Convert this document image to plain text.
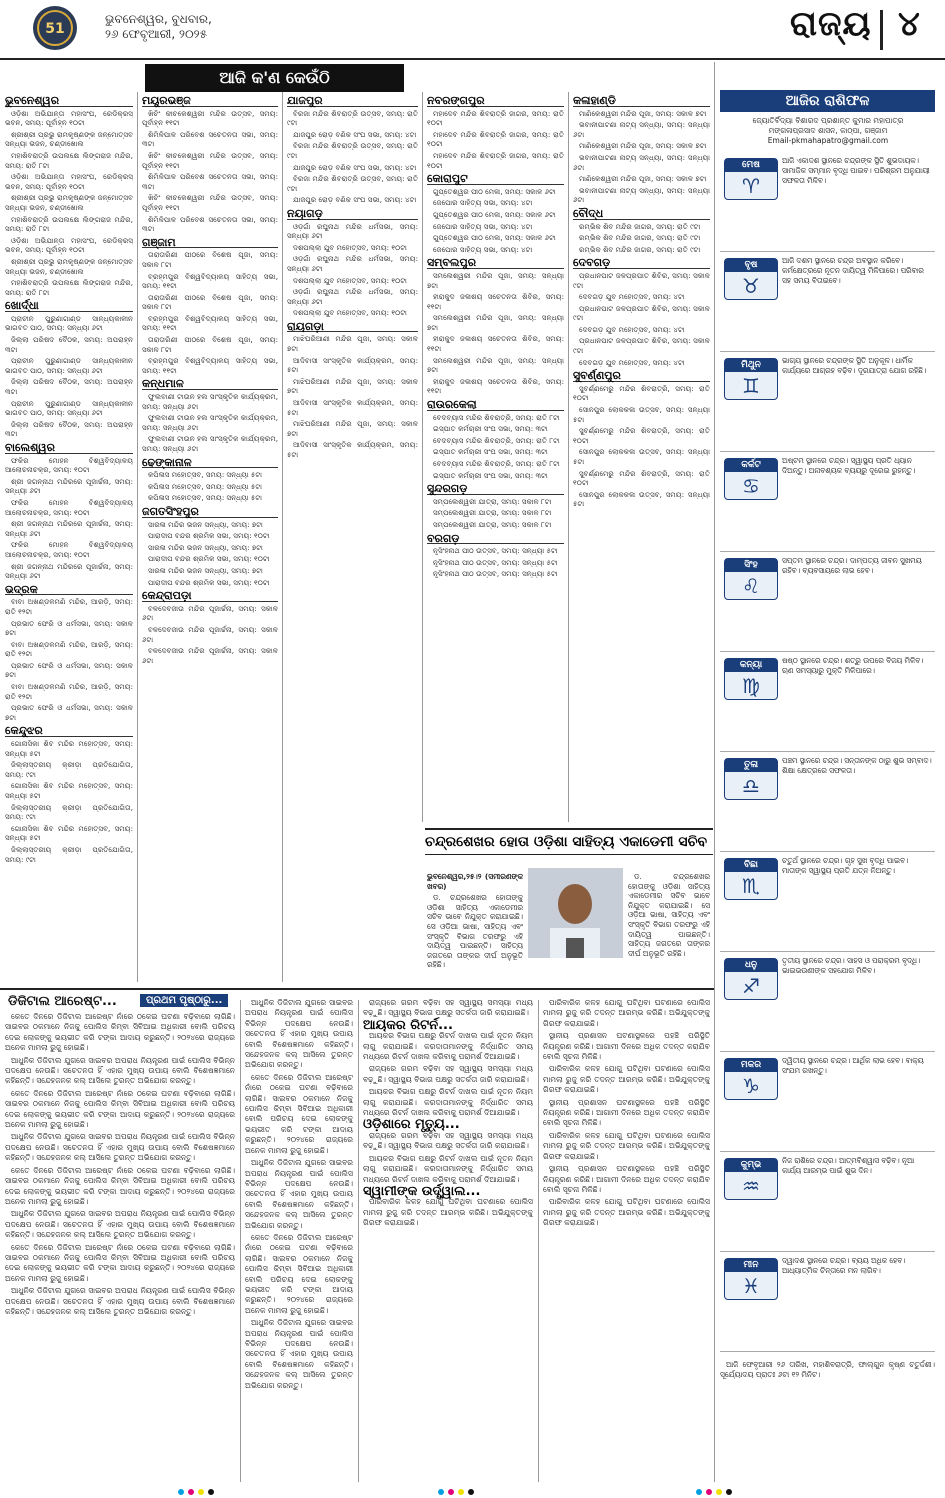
51
ଭୁବନେଶ୍ୱର, ବୁଧବାର,
୨୬ ଫେବୃଆରୀ, ୨୦୨୫	ରାଜ୍ୟ ୪
ଆଜି କ'ଣ କେଉଁଠି
ଭୁବନେଶ୍ୱର

ଓଡ଼ିଶା ଅଭିଯାନ୍ତା ମହାସଂଘ, ରେଡିକ୍ରସ୍ ଭବନ, ସମୟ: ପୂର୍ବାହ୍ନ ୧୦ଟା

ଶ୍ରୀଶ୍ରୀ ପ୍ରଭୁ ରାମକୃଷ୍ଣଙ୍କ ଜନ୍ମୋତ୍ସବ ସନ୍ଧ୍ୟା ଭଜନ, ଚଣ୍ଡୀଖୋଲ

ମହାଶିବରାତ୍ରି ଉପଲକ୍ଷେ ଲିଙ୍ଗରାଜ ମନ୍ଦିର, ସମୟ: ରାତି ୮ଟା

ଓଡ଼ିଶା ଅଭିଯାନ୍ତା ମହାସଂଘ, ରେଡିକ୍ରସ୍ ଭବନ, ସମୟ: ପୂର୍ବାହ୍ନ ୧୦ଟା

ଶ୍ରୀଶ୍ରୀ ପ୍ରଭୁ ରାମକୃଷ୍ଣଙ୍କ ଜନ୍ମୋତ୍ସବ ସନ୍ଧ୍ୟା ଭଜନ, ଚଣ୍ଡୀଖୋଲ

ମହାଶିବରାତ୍ରି ଉପଲକ୍ଷେ ଲିଙ୍ଗରାଜ ମନ୍ଦିର, ସମୟ: ରାତି ୮ଟା

ଓଡ଼ିଶା ଅଭିଯାନ୍ତା ମହାସଂଘ, ରେଡିକ୍ରସ୍ ଭବନ, ସମୟ: ପୂର୍ବାହ୍ନ ୧୦ଟା

ଶ୍ରୀଶ୍ରୀ ପ୍ରଭୁ ରାମକୃଷ୍ଣଙ୍କ ଜନ୍ମୋତ୍ସବ ସନ୍ଧ୍ୟା ଭଜନ, ଚଣ୍ଡୀଖୋଲ

ମହାଶିବରାତ୍ରି ଉପଲକ୍ଷେ ଲିଙ୍ଗରାଜ ମନ୍ଦିର, ସମୟ: ରାତି ୮ଟା

ଖୋର୍ଦ୍ଧା

ପ୍ରାଚୀନ ପୁରୁଣାଗାଣ୍ଡ ସାନ୍ଧ୍ୟକାଳୀନ ଭାଗବତ ପାଠ, ସମୟ: ସନ୍ଧ୍ୟା ୬ଟା

ଜିଲ୍ଲା ପରିଷଦ ବୈଠକ, ସମୟ: ଅପରାହ୍ନ ୩ଟା

ପ୍ରାଚୀନ ପୁରୁଣାଗାଣ୍ଡ ସାନ୍ଧ୍ୟକାଳୀନ ଭାଗବତ ପାଠ, ସମୟ: ସନ୍ଧ୍ୟା ୬ଟା

ଜିଲ୍ଲା ପରିଷଦ ବୈଠକ, ସମୟ: ଅପରାହ୍ନ ୩ଟା

ପ୍ରାଚୀନ ପୁରୁଣାଗାଣ୍ଡ ସାନ୍ଧ୍ୟକାଳୀନ ଭାଗବତ ପାଠ, ସମୟ: ସନ୍ଧ୍ୟା ୬ଟା

ଜିଲ୍ଲା ପରିଷଦ ବୈଠକ, ସମୟ: ଅପରାହ୍ନ ୩ଟା

ବାଲେଶ୍ୱର

ଫକିର ମୋହନ ବିଶ୍ୱବିଦ୍ୟାଳୟ ଆଲୋଚନାଚକ୍ର, ସମୟ: ୧୦ଟା

ଶ୍ରୀ ଜଗନ୍ନାଥ ମନ୍ଦିରରେ ପୂଜାର୍ଚ୍ଚନା, ସମୟ: ସନ୍ଧ୍ୟା ୬ଟା

ଫକିର ମୋହନ ବିଶ୍ୱବିଦ୍ୟାଳୟ ଆଲୋଚନାଚକ୍ର, ସମୟ: ୧୦ଟା

ଶ୍ରୀ ଜଗନ୍ନାଥ ମନ୍ଦିରରେ ପୂଜାର୍ଚ୍ଚନା, ସମୟ: ସନ୍ଧ୍ୟା ୬ଟା

ଫକିର ମୋହନ ବିଶ୍ୱବିଦ୍ୟାଳୟ ଆଲୋଚନାଚକ୍ର, ସମୟ: ୧୦ଟା

ଶ୍ରୀ ଜଗନ୍ନାଥ ମନ୍ଦିରରେ ପୂଜାର୍ଚ୍ଚନା, ସମୟ: ସନ୍ଧ୍ୟା ୬ଟା

ଭଦ୍ରକ

ବାବା ଅଖଣ୍ଡଳମଣି ମନ୍ଦିର, ଆରଡ଼ି, ସମୟ: ରାତି ୧୨ଟା

ପ୍ରଭାତ ଫେରି ଓ ଧର୍ମସଭା, ସମୟ: ସକାଳ ୭ଟା

ବାବା ଅଖଣ୍ଡଳମଣି ମନ୍ଦିର, ଆରଡ଼ି, ସମୟ: ରାତି ୧୨ଟା

ପ୍ରଭାତ ଫେରି ଓ ଧର୍ମସଭା, ସମୟ: ସକାଳ ୭ଟା

ବାବା ଅଖଣ୍ଡଳମଣି ମନ୍ଦିର, ଆରଡ଼ି, ସମୟ: ରାତି ୧୨ଟା

ପ୍ରଭାତ ଫେରି ଓ ଧର୍ମସଭା, ସମୟ: ସକାଳ ୭ଟା

କେନ୍ଦୁଝର

ଗୋନାସିକା ଶିବ ମନ୍ଦିର ମହୋତ୍ସବ, ସମୟ: ସନ୍ଧ୍ୟା ୫ଟା

ଜିଲ୍ଲାସ୍ତରୀୟ କ୍ରୀଡ଼ା ପ୍ରତିଯୋଗିତା, ସମୟ: ୯ଟା

ଗୋନାସିକା ଶିବ ମନ୍ଦିର ମହୋତ୍ସବ, ସମୟ: ସନ୍ଧ୍ୟା ୫ଟା

ଜିଲ୍ଲାସ୍ତରୀୟ କ୍ରୀଡ଼ା ପ୍ରତିଯୋଗିତା, ସମୟ: ୯ଟା

ଗୋନାସିକା ଶିବ ମନ୍ଦିର ମହୋତ୍ସବ, ସମୟ: ସନ୍ଧ୍ୟା ୫ଟା

ଜିଲ୍ଲାସ୍ତରୀୟ କ୍ରୀଡ଼ା ପ୍ରତିଯୋଗିତା, ସମୟ: ୯ଟା

ମୟୂରଭଞ୍ଜ

ଖିଚିଂ କୀଚକେଶ୍ୱରୀ ମନ୍ଦିର ଉତ୍ସବ, ସମୟ: ପୂର୍ବାହ୍ନ ୧୧ଟା

ଶିମିଳିପାଳ ପରିବେଶ ସଚେତନତା ସଭା, ସମୟ: ୩ଟା

ଖିଚିଂ କୀଚକେଶ୍ୱରୀ ମନ୍ଦିର ଉତ୍ସବ, ସମୟ: ପୂର୍ବାହ୍ନ ୧୧ଟା

ଶିମିଳିପାଳ ପରିବେଶ ସଚେତନତା ସଭା, ସମୟ: ୩ଟା

ଖିଚିଂ କୀଚକେଶ୍ୱରୀ ମନ୍ଦିର ଉତ୍ସବ, ସମୟ: ପୂର୍ବାହ୍ନ ୧୧ଟା

ଶିମିଳିପାଳ ପରିବେଶ ସଚେତନତା ସଭା, ସମୟ: ୩ଟା

ଗଞ୍ଜାମ

ତାରାତାରିଣୀ ପୀଠରେ ବିଶେଷ ପୂଜା, ସମୟ: ସକାଳ ୮ଟା

ବ୍ରହ୍ମପୁର ବିଶ୍ୱବିଦ୍ୟାଳୟ ସାହିତ୍ୟ ସଭା, ସମୟ: ୧୧ଟା

ତାରାତାରିଣୀ ପୀଠରେ ବିଶେଷ ପୂଜା, ସମୟ: ସକାଳ ୮ଟା

ବ୍ରହ୍ମପୁର ବିଶ୍ୱବିଦ୍ୟାଳୟ ସାହିତ୍ୟ ସଭା, ସମୟ: ୧୧ଟା

ତାରାତାରିଣୀ ପୀଠରେ ବିଶେଷ ପୂଜା, ସମୟ: ସକାଳ ୮ଟା

ବ୍ରହ୍ମପୁର ବିଶ୍ୱବିଦ୍ୟାଳୟ ସାହିତ୍ୟ ସଭା, ସମୟ: ୧୧ଟା

କନ୍ଧମାଳ

ଫୁଲବାଣୀ ଟାଉନ ହଲ ସାଂସ୍କୃତିକ କାର୍ଯ୍ୟକ୍ରମ, ସମୟ: ସନ୍ଧ୍ୟା ୬ଟା

ଫୁଲବାଣୀ ଟାଉନ ହଲ ସାଂସ୍କୃତିକ କାର୍ଯ୍ୟକ୍ରମ, ସମୟ: ସନ୍ଧ୍ୟା ୬ଟା

ଫୁଲବାଣୀ ଟାଉନ ହଲ ସାଂସ୍କୃତିକ କାର୍ଯ୍ୟକ୍ରମ, ସମୟ: ସନ୍ଧ୍ୟା ୬ଟା

ଢେଙ୍କାନାଳ

କପିଳାସ ମହୋତ୍ସବ, ସମୟ: ସନ୍ଧ୍ୟା ୫ଟା

କପିଳାସ ମହୋତ୍ସବ, ସମୟ: ସନ୍ଧ୍ୟା ୫ଟା

କପିଳାସ ମହୋତ୍ସବ, ସମୟ: ସନ୍ଧ୍ୟା ୫ଟା

ଜଗତସିଂହପୁର

ସାରଳା ମନ୍ଦିର ଭଜନ ସନ୍ଧ୍ୟା, ସମୟ: ୭ଟା

ପାରାଦୀପ ବନ୍ଦର ଶ୍ରମିକ ସଭା, ସମୟ: ୧୦ଟା

ସାରଳା ମନ୍ଦିର ଭଜନ ସନ୍ଧ୍ୟା, ସମୟ: ୭ଟା

ପାରାଦୀପ ବନ୍ଦର ଶ୍ରମିକ ସଭା, ସମୟ: ୧୦ଟା

ସାରଳା ମନ୍ଦିର ଭଜନ ସନ୍ଧ୍ୟା, ସମୟ: ୭ଟା

ପାରାଦୀପ ବନ୍ଦର ଶ୍ରମିକ ସଭା, ସମୟ: ୧୦ଟା

କେନ୍ଦ୍ରାପଡ଼ା

ବଳଦେବଜୀଉ ମନ୍ଦିର ପୂଜାର୍ଚ୍ଚନା, ସମୟ: ସକାଳ ୬ଟା

ବଳଦେବଜୀଉ ମନ୍ଦିର ପୂଜାର୍ଚ୍ଚନା, ସମୟ: ସକାଳ ୬ଟା

ବଳଦେବଜୀଉ ମନ୍ଦିର ପୂଜାର୍ଚ୍ଚନା, ସମୟ: ସକାଳ ୬ଟା

ଯାଜପୁର

ବିରଜା ମନ୍ଦିର ଶିବରାତ୍ରି ଉତ୍ସବ, ସମୟ: ରାତି ୯ଟା

ଯାଜପୁର ରୋଡ଼ ବଣିକ ସଂଘ ସଭା, ସମୟ: ୪ଟା

ବିରଜା ମନ୍ଦିର ଶିବରାତ୍ରି ଉତ୍ସବ, ସମୟ: ରାତି ୯ଟା

ଯାଜପୁର ରୋଡ଼ ବଣିକ ସଂଘ ସଭା, ସମୟ: ୪ଟା

ବିରଜା ମନ୍ଦିର ଶିବରାତ୍ରି ଉତ୍ସବ, ସମୟ: ରାତି ୯ଟା

ଯାଜପୁର ରୋଡ଼ ବଣିକ ସଂଘ ସଭା, ସମୟ: ୪ଟା

ନୟାଗଡ଼

ଓଡ଼ଗାଁ ରଘୁନାଥ ମନ୍ଦିର ଧର୍ମସଭା, ସମୟ: ସନ୍ଧ୍ୟା ୬ଟା

ଦଶପଲ୍ଲା ଯୁବ ମହୋତ୍ସବ, ସମୟ: ୧୦ଟା

ଓଡ଼ଗାଁ ରଘୁନାଥ ମନ୍ଦିର ଧର୍ମସଭା, ସମୟ: ସନ୍ଧ୍ୟା ୬ଟା

ଦଶପଲ୍ଲା ଯୁବ ମହୋତ୍ସବ, ସମୟ: ୧୦ଟା

ଓଡ଼ଗାଁ ରଘୁନାଥ ମନ୍ଦିର ଧର୍ମସଭା, ସମୟ: ସନ୍ଧ୍ୟା ୬ଟା

ଦଶପଲ୍ଲା ଯୁବ ମହୋତ୍ସବ, ସମୟ: ୧୦ଟା

ରାୟଗଡ଼ା

ମାଝିଘରିଆଣୀ ମନ୍ଦିର ପୂଜା, ସମୟ: ସକାଳ ୭ଟା

ଆଦିବାସୀ ସାଂସ୍କୃତିକ କାର୍ଯ୍ୟକ୍ରମ, ସମୟ: ୫ଟା

ମାଝିଘରିଆଣୀ ମନ୍ଦିର ପୂଜା, ସମୟ: ସକାଳ ୭ଟା

ଆଦିବାସୀ ସାଂସ୍କୃତିକ କାର୍ଯ୍ୟକ୍ରମ, ସମୟ: ୫ଟା

ମାଝିଘରିଆଣୀ ମନ୍ଦିର ପୂଜା, ସମୟ: ସକାଳ ୭ଟା

ଆଦିବାସୀ ସାଂସ୍କୃତିକ କାର୍ଯ୍ୟକ୍ରମ, ସମୟ: ୫ଟା

ନବରଙ୍ଗପୁର

ମହାଦେବ ମନ୍ଦିର ଶିବରାତ୍ରି ଜାଗର, ସମୟ: ରାତି ୧୦ଟା

ମହାଦେବ ମନ୍ଦିର ଶିବରାତ୍ରି ଜାଗର, ସମୟ: ରାତି ୧୦ଟା

ମହାଦେବ ମନ୍ଦିର ଶିବରାତ୍ରି ଜାଗର, ସମୟ: ରାତି ୧୦ଟା

କୋରାପୁଟ

ଗୁପ୍ତେଶ୍ୱର ପୀଠ ମେଳା, ସମୟ: ସକାଳ ୬ଟା

ଜେପୋର ସାହିତ୍ୟ ସଭା, ସମୟ: ୪ଟା

ଗୁପ୍ତେଶ୍ୱର ପୀଠ ମେଳା, ସମୟ: ସକାଳ ୬ଟା

ଜେପୋର ସାହିତ୍ୟ ସଭା, ସମୟ: ୪ଟା

ଗୁପ୍ତେଶ୍ୱର ପୀଠ ମେଳା, ସମୟ: ସକାଳ ୬ଟା

ଜେପୋର ସାହିତ୍ୟ ସଭା, ସମୟ: ୪ଟା

ସମ୍ବଲପୁର

ସମଲେଶ୍ୱରୀ ମନ୍ଦିର ପୂଜା, ସମୟ: ସନ୍ଧ୍ୟା ୭ଟା

ହୀରାକୁଦ ଜଳାଶୟ ସଚେତନତା ଶିବିର, ସମୟ: ୧୧ଟା

ସମଲେଶ୍ୱରୀ ମନ୍ଦିର ପୂଜା, ସମୟ: ସନ୍ଧ୍ୟା ୭ଟା

ହୀରାକୁଦ ଜଳାଶୟ ସଚେତନତା ଶିବିର, ସମୟ: ୧୧ଟା

ସମଲେଶ୍ୱରୀ ମନ୍ଦିର ପୂଜା, ସମୟ: ସନ୍ଧ୍ୟା ୭ଟା

ହୀରାକୁଦ ଜଳାଶୟ ସଚେତନତା ଶିବିର, ସମୟ: ୧୧ଟା

ରାଉରକେଲା

ବେଦବ୍ୟାସ ମନ୍ଦିର ଶିବରାତ୍ରି, ସମୟ: ରାତି ୮ଟା

ଇସ୍ପାତ କର୍ମଚାରୀ ସଂଘ ସଭା, ସମୟ: ୩ଟା

ବେଦବ୍ୟାସ ମନ୍ଦିର ଶିବରାତ୍ରି, ସମୟ: ରାତି ୮ଟା

ଇସ୍ପାତ କର୍ମଚାରୀ ସଂଘ ସଭା, ସମୟ: ୩ଟା

ବେଦବ୍ୟାସ ମନ୍ଦିର ଶିବରାତ୍ରି, ସମୟ: ରାତି ୮ଟା

ଇସ୍ପାତ କର୍ମଚାରୀ ସଂଘ ସଭା, ସମୟ: ୩ଟା

ସୁନ୍ଦରଗଡ଼

ସମ୍ପଲେଶ୍ୱରୀ ଯାତ୍ରା, ସମୟ: ସକାଳ ୮ଟା

ସମ୍ପଲେଶ୍ୱରୀ ଯାତ୍ରା, ସମୟ: ସକାଳ ୮ଟା

ସମ୍ପଲେଶ୍ୱରୀ ଯାତ୍ରା, ସମୟ: ସକାଳ ୮ଟା

ବରଗଡ଼

ନୃସିଂହନାଥ ପୀଠ ଉତ୍ସବ, ସମୟ: ସନ୍ଧ୍ୟା ୫ଟା

ନୃସିଂହନାଥ ପୀଠ ଉତ୍ସବ, ସମୟ: ସନ୍ଧ୍ୟା ୫ଟା

ନୃସିଂହନାଥ ପୀଠ ଉତ୍ସବ, ସମୟ: ସନ୍ଧ୍ୟା ୫ଟା

କଳାହାଣ୍ଡି

ମାଣିକେଶ୍ୱରୀ ମନ୍ଦିର ପୂଜା, ସମୟ: ସକାଳ ୭ଟା

ଭବାନୀପାଟଣା ନାଟ୍ୟ ସନ୍ଧ୍ୟା, ସମୟ: ସନ୍ଧ୍ୟା ୬ଟା

ମାଣିକେଶ୍ୱରୀ ମନ୍ଦିର ପୂଜା, ସମୟ: ସକାଳ ୭ଟା

ଭବାନୀପାଟଣା ନାଟ୍ୟ ସନ୍ଧ୍ୟା, ସମୟ: ସନ୍ଧ୍ୟା ୬ଟା

ମାଣିକେଶ୍ୱରୀ ମନ୍ଦିର ପୂଜା, ସମୟ: ସକାଳ ୭ଟା

ଭବାନୀପାଟଣା ନାଟ୍ୟ ସନ୍ଧ୍ୟା, ସମୟ: ସନ୍ଧ୍ୟା ୬ଟା

ବୌଦ୍ଧ

ରମ୍ଭିକ ଶିବ ମନ୍ଦିର ଜାଗର, ସମୟ: ରାତି ୯ଟା

ରମ୍ଭିକ ଶିବ ମନ୍ଦିର ଜାଗର, ସମୟ: ରାତି ୯ଟା

ରମ୍ଭିକ ଶିବ ମନ୍ଦିର ଜାଗର, ସମୟ: ରାତି ୯ଟା

ଦେବଗଡ଼

ପ୍ରଧାନପାଟ ଜଳପ୍ରପାତ ଶିବିର, ସମୟ: ସକାଳ ୯ଟା

ଦେବଗଡ଼ ଯୁବ ମହୋତ୍ସବ, ସମୟ: ୪ଟା

ପ୍ରଧାନପାଟ ଜଳପ୍ରପାତ ଶିବିର, ସମୟ: ସକାଳ ୯ଟା

ଦେବଗଡ଼ ଯୁବ ମହୋତ୍ସବ, ସମୟ: ୪ଟା

ପ୍ରଧାନପାଟ ଜଳପ୍ରପାତ ଶିବିର, ସମୟ: ସକାଳ ୯ଟା

ଦେବଗଡ଼ ଯୁବ ମହୋତ୍ସବ, ସମୟ: ୪ଟା

ସୁବର୍ଣ୍ଣପୁର

ସୁବର୍ଣ୍ଣମେରୁ ମନ୍ଦିର ଶିବରାତ୍ରି, ସମୟ: ରାତି ୧୦ଟା

ସୋନପୁର ଲୋକକଳା ଉତ୍ସବ, ସମୟ: ସନ୍ଧ୍ୟା ୫ଟା

ସୁବର୍ଣ୍ଣମେରୁ ମନ୍ଦିର ଶିବରାତ୍ରି, ସମୟ: ରାତି ୧୦ଟା

ସୋନପୁର ଲୋକକଳା ଉତ୍ସବ, ସମୟ: ସନ୍ଧ୍ୟା ୫ଟା

ସୁବର୍ଣ୍ଣମେରୁ ମନ୍ଦିର ଶିବରାତ୍ରି, ସମୟ: ରାତି ୧୦ଟା

ସୋନପୁର ଲୋକକଳା ଉତ୍ସବ, ସମୟ: ସନ୍ଧ୍ୟା ୫ଟା

ଚନ୍ଦ୍ରଶେଖର ହୋତା ଓଡ଼ିଶା ସାହିତ୍ୟ ଏକାଡେମୀ ସଚିବ

ଭୁବନେଶ୍ୱର,୨୫।୨ (ସମୀରଣଙ୍କ ଖବର)

ଡ. ଚନ୍ଦ୍ରଶେଖର ହୋତାଙ୍କୁ ଓଡ଼ିଶା ସାହିତ୍ୟ ଏକାଡେମୀର ସଚିବ ଭାବେ ନିଯୁକ୍ତ କରାଯାଇଛି। ସେ ଓଡ଼ିଆ ଭାଷା, ସାହିତ୍ୟ ଏବଂ ସଂସ୍କୃତି ବିଭାଗ ତରଫରୁ ଏହି ଦାୟିତ୍ୱ ପାଇଛନ୍ତି। ସାହିତ୍ୟ ଜଗତରେ ତାଙ୍କର ଦୀର୍ଘ ଅନୁଭୂତି ରହିଛି।

ଡ. ଚନ୍ଦ୍ରଶେଖର ହୋତାଙ୍କୁ ଓଡ଼ିଶା ସାହିତ୍ୟ ଏକାଡେମୀର ସଚିବ ଭାବେ ନିଯୁକ୍ତ କରାଯାଇଛି। ସେ ଓଡ଼ିଆ ଭାଷା, ସାହିତ୍ୟ ଏବଂ ସଂସ୍କୃତି ବିଭାଗ ତରଫରୁ ଏହି ଦାୟିତ୍ୱ ପାଇଛନ୍ତି। ସାହିତ୍ୟ ଜଗତରେ ତାଙ୍କର ଦୀର୍ଘ ଅନୁଭୂତି ରହିଛି।

ଡିଜିଟାଲ ଆରେଷ୍ଟ...	ପ୍ରଥମ ପୃଷ୍ଠାରୁ...

କେତେ ଦିନରେ ଡିଜିଟାଲ ଆରେଷ୍ଟ ନାଁରେ ଠକେଇ ଘଟଣା ବଢ଼ିବାରେ ଲାଗିଛି। ସାଇବର ଠକମାନେ ନିଜକୁ ପୋଲିସ କିମ୍ବା ସିବିଆଇ ଅଧିକାରୀ ବୋଲି ପରିଚୟ ଦେଇ ଲୋକଙ୍କୁ ଭୟଭୀତ କରି ଟଙ୍କା ଆଦାୟ କରୁଛନ୍ତି। ୨୦୨୪ରେ ରାଜ୍ୟରେ ଅନେକ ମାମଲା ରୁଜୁ ହୋଇଛି।

ଆଧୁନିକ ଡିଜିଟାଲ ଯୁଗରେ ସାଇବର ଅପରାଧ ନିୟନ୍ତ୍ରଣ ପାଇଁ ପୋଲିସ ବିଭିନ୍ନ ପଦକ୍ଷେପ ନେଉଛି। ସଚେତନତା ହିଁ ଏହାର ମୁଖ୍ୟ ଉପାୟ ବୋଲି ବିଶେଷଜ୍ଞମାନେ କହିଛନ୍ତି। ସନ୍ଦେହଜନକ କଲ୍ ଆସିଲେ ତୁରନ୍ତ ଅଭିଯୋଗ କରନ୍ତୁ।

କେତେ ଦିନରେ ଡିଜିଟାଲ ଆରେଷ୍ଟ ନାଁରେ ଠକେଇ ଘଟଣା ବଢ଼ିବାରେ ଲାଗିଛି। ସାଇବର ଠକମାନେ ନିଜକୁ ପୋଲିସ କିମ୍ବା ସିବିଆଇ ଅଧିକାରୀ ବୋଲି ପରିଚୟ ଦେଇ ଲୋକଙ୍କୁ ଭୟଭୀତ କରି ଟଙ୍କା ଆଦାୟ କରୁଛନ୍ତି। ୨୦୨୪ରେ ରାଜ୍ୟରେ ଅନେକ ମାମଲା ରୁଜୁ ହୋଇଛି।

ଆଧୁନିକ ଡିଜିଟାଲ ଯୁଗରେ ସାଇବର ଅପରାଧ ନିୟନ୍ତ୍ରଣ ପାଇଁ ପୋଲିସ ବିଭିନ୍ନ ପଦକ୍ଷେପ ନେଉଛି। ସଚେତନତା ହିଁ ଏହାର ମୁଖ୍ୟ ଉପାୟ ବୋଲି ବିଶେଷଜ୍ଞମାନେ କହିଛନ୍ତି। ସନ୍ଦେହଜନକ କଲ୍ ଆସିଲେ ତୁରନ୍ତ ଅଭିଯୋଗ କରନ୍ତୁ।

କେତେ ଦିନରେ ଡିଜିଟାଲ ଆରେଷ୍ଟ ନାଁରେ ଠକେଇ ଘଟଣା ବଢ଼ିବାରେ ଲାଗିଛି। ସାଇବର ଠକମାନେ ନିଜକୁ ପୋଲିସ କିମ୍ବା ସିବିଆଇ ଅଧିକାରୀ ବୋଲି ପରିଚୟ ଦେଇ ଲୋକଙ୍କୁ ଭୟଭୀତ କରି ଟଙ୍କା ଆଦାୟ କରୁଛନ୍ତି। ୨୦୨୪ରେ ରାଜ୍ୟରେ ଅନେକ ମାମଲା ରୁଜୁ ହୋଇଛି।

ଆଧୁନିକ ଡିଜିଟାଲ ଯୁଗରେ ସାଇବର ଅପରାଧ ନିୟନ୍ତ୍ରଣ ପାଇଁ ପୋଲିସ ବିଭିନ୍ନ ପଦକ୍ଷେପ ନେଉଛି। ସଚେତନତା ହିଁ ଏହାର ମୁଖ୍ୟ ଉପାୟ ବୋଲି ବିଶେଷଜ୍ଞମାନେ କହିଛନ୍ତି। ସନ୍ଦେହଜନକ କଲ୍ ଆସିଲେ ତୁରନ୍ତ ଅଭିଯୋଗ କରନ୍ତୁ।

କେତେ ଦିନରେ ଡିଜିଟାଲ ଆରେଷ୍ଟ ନାଁରେ ଠକେଇ ଘଟଣା ବଢ଼ିବାରେ ଲାଗିଛି। ସାଇବର ଠକମାନେ ନିଜକୁ ପୋଲିସ କିମ୍ବା ସିବିଆଇ ଅଧିକାରୀ ବୋଲି ପରିଚୟ ଦେଇ ଲୋକଙ୍କୁ ଭୟଭୀତ କରି ଟଙ୍କା ଆଦାୟ କରୁଛନ୍ତି। ୨୦୨୪ରେ ରାଜ୍ୟରେ ଅନେକ ମାମଲା ରୁଜୁ ହୋଇଛି।

ଆଧୁନିକ ଡିଜିଟାଲ ଯୁଗରେ ସାଇବର ଅପରାଧ ନିୟନ୍ତ୍ରଣ ପାଇଁ ପୋଲିସ ବିଭିନ୍ନ ପଦକ୍ଷେପ ନେଉଛି। ସଚେତନତା ହିଁ ଏହାର ମୁଖ୍ୟ ଉପାୟ ବୋଲି ବିଶେଷଜ୍ଞମାନେ କହିଛନ୍ତି। ସନ୍ଦେହଜନକ କଲ୍ ଆସିଲେ ତୁରନ୍ତ ଅଭିଯୋଗ କରନ୍ତୁ।

ଆଧୁନିକ ଡିଜିଟାଲ ଯୁଗରେ ସାଇବର ଅପରାଧ ନିୟନ୍ତ୍ରଣ ପାଇଁ ପୋଲିସ ବିଭିନ୍ନ ପଦକ୍ଷେପ ନେଉଛି। ସଚେତନତା ହିଁ ଏହାର ମୁଖ୍ୟ ଉପାୟ ବୋଲି ବିଶେଷଜ୍ଞମାନେ କହିଛନ୍ତି। ସନ୍ଦେହଜନକ କଲ୍ ଆସିଲେ ତୁରନ୍ତ ଅଭିଯୋଗ କରନ୍ତୁ।

କେତେ ଦିନରେ ଡିଜିଟାଲ ଆରେଷ୍ଟ ନାଁରେ ଠକେଇ ଘଟଣା ବଢ଼ିବାରେ ଲାଗିଛି। ସାଇବର ଠକମାନେ ନିଜକୁ ପୋଲିସ କିମ୍ବା ସିବିଆଇ ଅଧିକାରୀ ବୋଲି ପରିଚୟ ଦେଇ ଲୋକଙ୍କୁ ଭୟଭୀତ କରି ଟଙ୍କା ଆଦାୟ କରୁଛନ୍ତି। ୨୦୨୪ରେ ରାଜ୍ୟରେ ଅନେକ ମାମଲା ରୁଜୁ ହୋଇଛି।

ଆଧୁନିକ ଡିଜିଟାଲ ଯୁଗରେ ସାଇବର ଅପରାଧ ନିୟନ୍ତ୍ରଣ ପାଇଁ ପୋଲିସ ବିଭିନ୍ନ ପଦକ୍ଷେପ ନେଉଛି। ସଚେତନତା ହିଁ ଏହାର ମୁଖ୍ୟ ଉପାୟ ବୋଲି ବିଶେଷଜ୍ଞମାନେ କହିଛନ୍ତି। ସନ୍ଦେହଜନକ କଲ୍ ଆସିଲେ ତୁରନ୍ତ ଅଭିଯୋଗ କରନ୍ତୁ।

କେତେ ଦିନରେ ଡିଜିଟାଲ ଆରେଷ୍ଟ ନାଁରେ ଠକେଇ ଘଟଣା ବଢ଼ିବାରେ ଲାଗିଛି। ସାଇବର ଠକମାନେ ନିଜକୁ ପୋଲିସ କିମ୍ବା ସିବିଆଇ ଅଧିକାରୀ ବୋଲି ପରିଚୟ ଦେଇ ଲୋକଙ୍କୁ ଭୟଭୀତ କରି ଟଙ୍କା ଆଦାୟ କରୁଛନ୍ତି। ୨୦୨୪ରେ ରାଜ୍ୟରେ ଅନେକ ମାମଲା ରୁଜୁ ହୋଇଛି।

ଆଧୁନିକ ଡିଜିଟାଲ ଯୁଗରେ ସାଇବର ଅପରାଧ ନିୟନ୍ତ୍ରଣ ପାଇଁ ପୋଲିସ ବିଭିନ୍ନ ପଦକ୍ଷେପ ନେଉଛି। ସଚେତନତା ହିଁ ଏହାର ମୁଖ୍ୟ ଉପାୟ ବୋଲି ବିଶେଷଜ୍ଞମାନେ କହିଛନ୍ତି। ସନ୍ଦେହଜନକ କଲ୍ ଆସିଲେ ତୁରନ୍ତ ଅଭିଯୋଗ କରନ୍ତୁ।

ରାଜ୍ୟରେ ଗରମ ବଢ଼ିବା ସହ ସ୍ୱାସ୍ଥ୍ୟ ସମସ୍ୟା ମଧ୍ୟ ବଢ଼ୁଛି। ସ୍ୱାସ୍ଥ୍ୟ ବିଭାଗ ପକ୍ଷରୁ ସତର୍କତା ଜାରି କରାଯାଇଛି।

ଆୟକର ରିଟର୍ନ...

ଆୟକର ବିଭାଗ ପକ୍ଷରୁ ରିଟର୍ନ ଦାଖଲ ପାଇଁ ନୂତନ ନିୟମ ଲାଗୁ କରାଯାଇଛି। କରଦାତାମାନଙ୍କୁ ନିର୍ଦ୍ଧାରିତ ସମୟ ମଧ୍ୟରେ ରିଟର୍ନ ଦାଖଲ କରିବାକୁ ପରାମର୍ଶ ଦିଆଯାଇଛି।

ରାଜ୍ୟରେ ଗରମ ବଢ଼ିବା ସହ ସ୍ୱାସ୍ଥ୍ୟ ସମସ୍ୟା ମଧ୍ୟ ବଢ଼ୁଛି। ସ୍ୱାସ୍ଥ୍ୟ ବିଭାଗ ପକ୍ଷରୁ ସତର୍କତା ଜାରି କରାଯାଇଛି।

ଆୟକର ବିଭାଗ ପକ୍ଷରୁ ରିଟର୍ନ ଦାଖଲ ପାଇଁ ନୂତନ ନିୟମ ଲାଗୁ କରାଯାଇଛି। କରଦାତାମାନଙ୍କୁ ନିର୍ଦ୍ଧାରିତ ସମୟ ମଧ୍ୟରେ ରିଟର୍ନ ଦାଖଲ କରିବାକୁ ପରାମର୍ଶ ଦିଆଯାଇଛି।

ଓଡ଼ିଶାରେ ମୃତ୍ୟୁ...

ରାଜ୍ୟରେ ଗରମ ବଢ଼ିବା ସହ ସ୍ୱାସ୍ଥ୍ୟ ସମସ୍ୟା ମଧ୍ୟ ବଢ଼ୁଛି। ସ୍ୱାସ୍ଥ୍ୟ ବିଭାଗ ପକ୍ଷରୁ ସତର୍କତା ଜାରି କରାଯାଇଛି।

ଆୟକର ବିଭାଗ ପକ୍ଷରୁ ରିଟର୍ନ ଦାଖଲ ପାଇଁ ନୂତନ ନିୟମ ଲାଗୁ କରାଯାଇଛି। କରଦାତାମାନଙ୍କୁ ନିର୍ଦ୍ଧାରିତ ସମୟ ମଧ୍ୟରେ ରିଟର୍ନ ଦାଖଲ କରିବାକୁ ପରାମର୍ଶ ଦିଆଯାଇଛି।

ସ୍ୱାମୀଙ୍କ ଉର୍ଦ୍ଧ୍ୱାଲ...

ପାରିବାରିକ କଳହ ଯୋଗୁ ଘଟିଥିବା ଘଟଣାରେ ପୋଲିସ ମାମଲା ରୁଜୁ କରି ତଦନ୍ତ ଆରମ୍ଭ କରିଛି। ଅଭିଯୁକ୍ତଙ୍କୁ ଗିରଫ କରାଯାଇଛି।

ପାରିବାରିକ କଳହ ଯୋଗୁ ଘଟିଥିବା ଘଟଣାରେ ପୋଲିସ ମାମଲା ରୁଜୁ କରି ତଦନ୍ତ ଆରମ୍ଭ କରିଛି। ଅଭିଯୁକ୍ତଙ୍କୁ ଗିରଫ କରାଯାଇଛି।

ସ୍ଥାନୀୟ ପ୍ରଶାସନ ଘଟଣାସ୍ଥଳରେ ପହଞ୍ଚି ପରିସ୍ଥିତି ନିୟନ୍ତ୍ରଣ କରିଛି। ଆଗାମୀ ଦିନରେ ଅଧିକ ତଦନ୍ତ କରାଯିବ ବୋଲି ସୂଚନା ମିଳିଛି।

ପାରିବାରିକ କଳହ ଯୋଗୁ ଘଟିଥିବା ଘଟଣାରେ ପୋଲିସ ମାମଲା ରୁଜୁ କରି ତଦନ୍ତ ଆରମ୍ଭ କରିଛି। ଅଭିଯୁକ୍ତଙ୍କୁ ଗିରଫ କରାଯାଇଛି।

ସ୍ଥାନୀୟ ପ୍ରଶାସନ ଘଟଣାସ୍ଥଳରେ ପହଞ୍ଚି ପରିସ୍ଥିତି ନିୟନ୍ତ୍ରଣ କରିଛି। ଆଗାମୀ ଦିନରେ ଅଧିକ ତଦନ୍ତ କରାଯିବ ବୋଲି ସୂଚନା ମିଳିଛି।

ପାରିବାରିକ କଳହ ଯୋଗୁ ଘଟିଥିବା ଘଟଣାରେ ପୋଲିସ ମାମଲା ରୁଜୁ କରି ତଦନ୍ତ ଆରମ୍ଭ କରିଛି। ଅଭିଯୁକ୍ତଙ୍କୁ ଗିରଫ କରାଯାଇଛି।

ସ୍ଥାନୀୟ ପ୍ରଶାସନ ଘଟଣାସ୍ଥଳରେ ପହଞ୍ଚି ପରିସ୍ଥିତି ନିୟନ୍ତ୍ରଣ କରିଛି। ଆଗାମୀ ଦିନରେ ଅଧିକ ତଦନ୍ତ କରାଯିବ ବୋଲି ସୂଚନା ମିଳିଛି।

ପାରିବାରିକ କଳହ ଯୋଗୁ ଘଟିଥିବା ଘଟଣାରେ ପୋଲିସ ମାମଲା ରୁଜୁ କରି ତଦନ୍ତ ଆରମ୍ଭ କରିଛି। ଅଭିଯୁକ୍ତଙ୍କୁ ଗିରଫ କରାଯାଇଛି।

ଆଜିର ରାଶିଫଳ
ଜ୍ୟୋତିର୍ବିଦ୍ୟା ବିଶାରଦ ପ୍ରଶାନ୍ତ କୁମାର ମହାପାତ୍ର
ମଙ୍ଗଳାପ୍ରସାଦ ଶାସନ, କାଠ୍ପା, ଗଞ୍ଜାମ
Email-pkmahapatro@gmail.com
ମେଷ
♈
ଆଜି ଏକାଦଶ ସ୍ଥାନରେ ଚନ୍ଦ୍ରଙ୍କ ସ୍ଥିତି ଶୁଭଦାୟକ। ସାମାଜିକ ସମ୍ମାନ ବୃଦ୍ଧି ପାଇବ। ପରିଶ୍ରମ ଅନୁଯାୟୀ ସଫଳତା ମିଳିବ।
ବୃଷ
♉
ଆଜି ଦଶମ ସ୍ଥାନରେ ଚନ୍ଦ୍ର ଅବସ୍ଥାନ କରିବେ। କର୍ମକ୍ଷେତ୍ରରେ ନୂତନ ଦାୟିତ୍ୱ ମିଳିପାରେ। ପରିବାର ସହ ସମୟ ବିତାଇବେ।
ମିଥୁନ
♊
ଭାଗ୍ୟ ସ୍ଥାନରେ ଚନ୍ଦ୍ରଙ୍କ ସ୍ଥିତି ଅନୁକୂଳ। ଧାର୍ମିକ କାର୍ଯ୍ୟରେ ଆଗ୍ରହ ବଢ଼ିବ। ଦୂରଯାତ୍ରା ଯୋଗ ରହିଛି।
କର୍କଟ
♋
ଅଷ୍ଟମ ସ୍ଥାନରେ ଚନ୍ଦ୍ର। ସ୍ୱାସ୍ଥ୍ୟ ପ୍ରତି ଧ୍ୟାନ ଦିଅନ୍ତୁ। ଅନାବଶ୍ୟକ ବ୍ୟୟରୁ ଦୂରେଇ ରୁହନ୍ତୁ।
ସିଂହ
♌
ସପ୍ତମ ସ୍ଥାନରେ ଚନ୍ଦ୍ର। ଦାମ୍ପତ୍ୟ ଜୀବନ ସୁଖମୟ ରହିବ। ବ୍ୟବସାୟରେ ଲାଭ ହେବ।
କନ୍ୟା
♍
ଷଷ୍ଠ ସ୍ଥାନରେ ଚନ୍ଦ୍ର। ଶତ୍ରୁ ଉପରେ ବିଜୟ ମିଳିବ। ଋଣ ସମସ୍ୟାରୁ ମୁକ୍ତି ମିଳିପାରେ।
ତୁଳା
♎
ପଞ୍ଚମ ସ୍ଥାନରେ ଚନ୍ଦ୍ର। ସନ୍ତାନଙ୍କ ଠାରୁ ଶୁଭ ସମ୍ବାଦ। ଶିକ୍ଷା କ୍ଷେତ୍ରରେ ସଫଳତା।
ବିଛା
♏
ଚତୁର୍ଥ ସ୍ଥାନରେ ଚନ୍ଦ୍ର। ଗୃହ ସୁଖ ବୃଦ୍ଧି ପାଇବ। ମାତାଙ୍କ ସ୍ୱାସ୍ଥ୍ୟ ପ୍ରତି ଯତ୍ନ ନିଅନ୍ତୁ।
ଧନୁ
♐
ତୃତୀୟ ସ୍ଥାନରେ ଚନ୍ଦ୍ର। ସାହସ ଓ ପରାକ୍ରମ ବୃଦ୍ଧି। ଭାଇଭଉଣୀଙ୍କ ସହଯୋଗ ମିଳିବ।
ମକର
♑
ଦ୍ୱିତୀୟ ସ୍ଥାନରେ ଚନ୍ଦ୍ର। ଆର୍ଥିକ ଲାଭ ହେବ। ବାକ୍ୟ ସଂଯମ ରଖନ୍ତୁ।
କୁମ୍ଭ
♒
ନିଜ ରାଶିରେ ଚନ୍ଦ୍ର। ଆତ୍ମବିଶ୍ୱାସ ବଢ଼ିବ। ନୂଆ କାର୍ଯ୍ୟ ଆରମ୍ଭ ପାଇଁ ଶୁଭ ଦିନ।
ମୀନ
♓
ଦ୍ୱାଦଶ ସ୍ଥାନରେ ଚନ୍ଦ୍ର। ବ୍ୟୟ ଅଧିକ ହେବ। ଆଧ୍ୟାତ୍ମିକ ଚିନ୍ତାରେ ମନ ଲାଗିବ।

ଆଜି ଫେବୃଆରୀ ୨୬ ତାରିଖ, ମହାଶିବରାତ୍ରି, ଫାଲ୍ଗୁନ କୃଷ୍ଣ ଚତୁର୍ଦ୍ଦଶୀ। ସୂର୍ଯ୍ୟୋଦୟ ପ୍ରାତଃ ୬ଟା ୧୨ ମିନିଟ।
